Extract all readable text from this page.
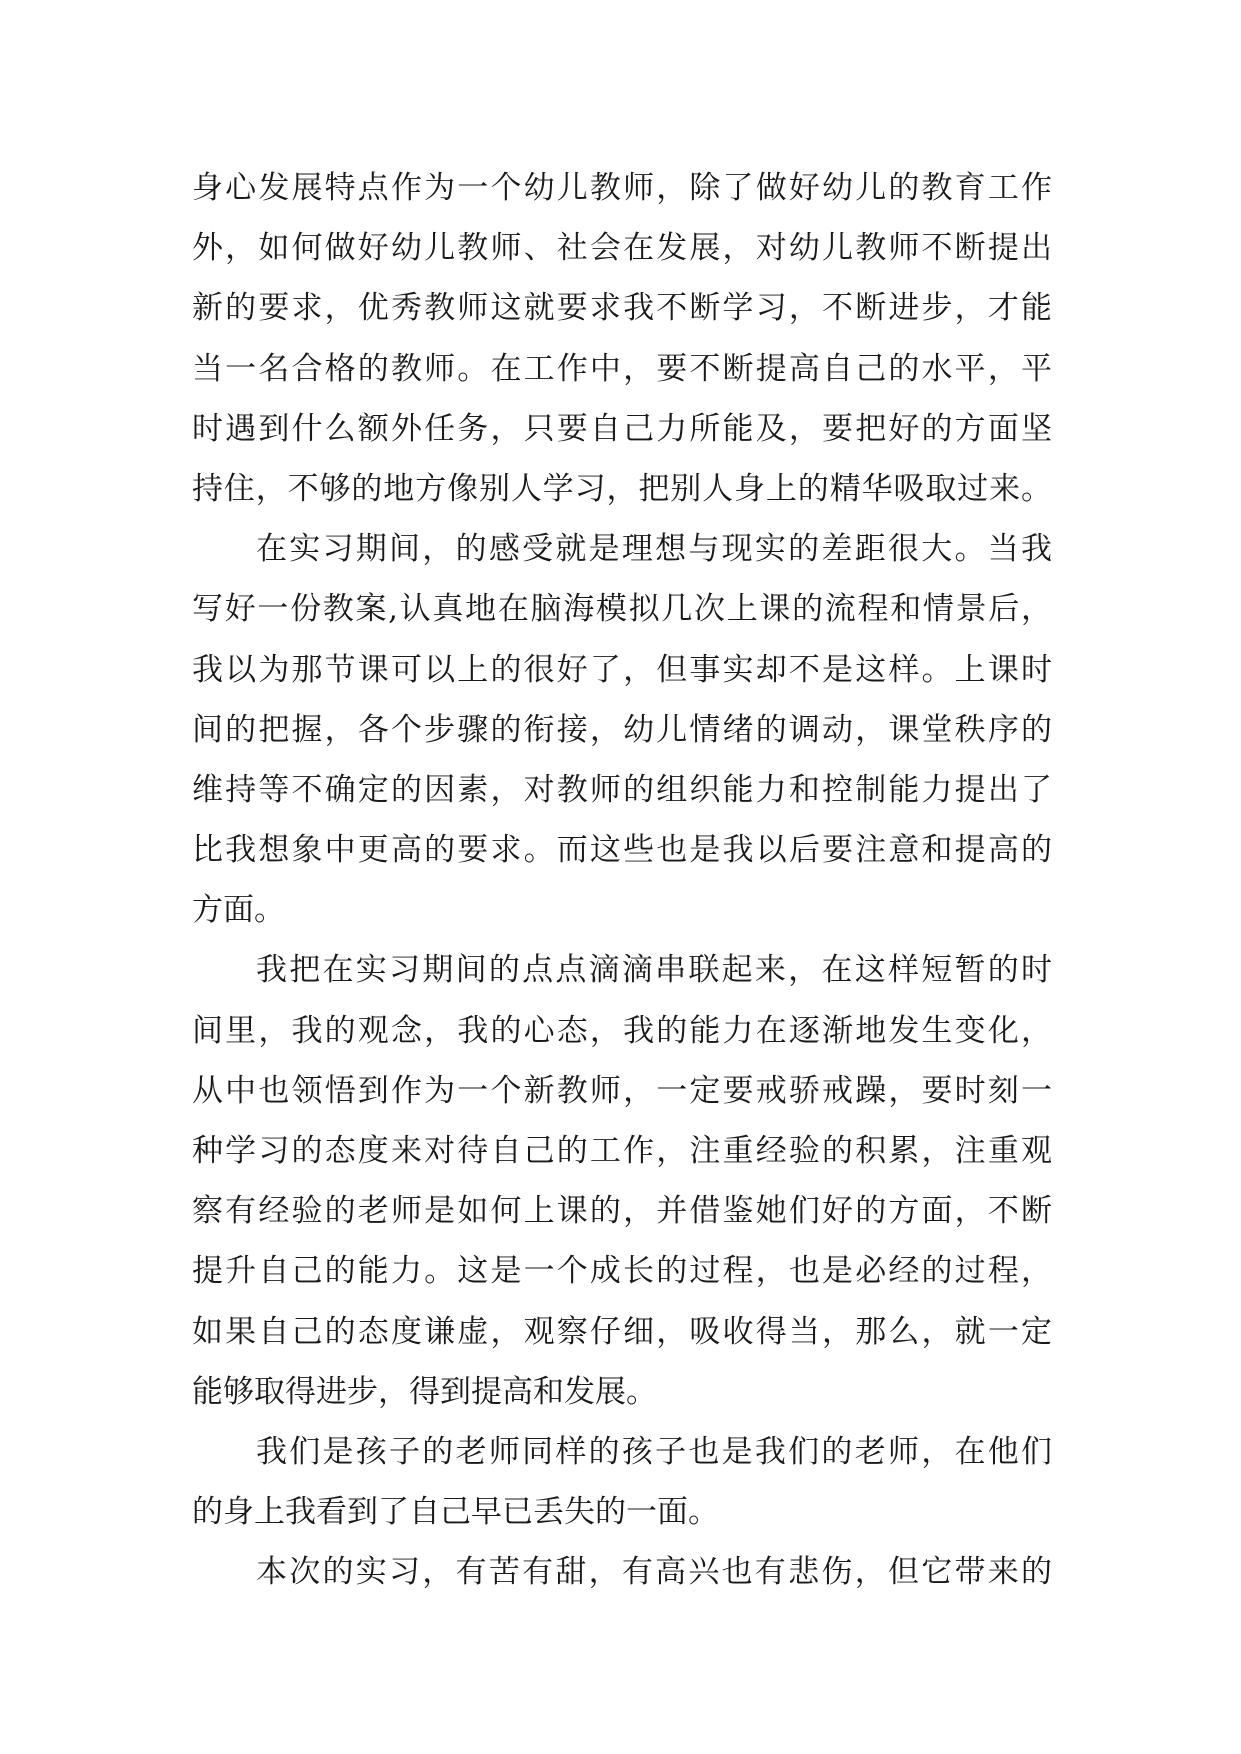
身心发展特点作为一个幼儿教师，除了做好幼儿的教育工作
外，如何做好幼儿教师、社会在发展，对幼儿教师不断提出
新的要求，优秀教师这就要求我不断学习，不断进步，才能
当一名合格的教师。在工作中，要不断提高自己的水平，平
时遇到什么额外任务，只要自己力所能及，要把好的方面坚
持住，不够的地方像别人学习，把别人身上的精华吸取过来。
在实习期间，的感受就是理想与现实的差距很大。当我
写好一份教案,认真地在脑海模拟几次上课的流程和情景后，
我以为那节课可以上的很好了，但事实却不是这样。上课时
间的把握，各个步骤的衔接，幼儿情绪的调动，课堂秩序的
维持等不确定的因素，对教师的组织能力和控制能力提出了
比我想象中更高的要求。而这些也是我以后要注意和提高的
方面。
我把在实习期间的点点滴滴串联起来，在这样短暂的时
间里，我的观念，我的心态，我的能力在逐渐地发生变化，
从中也领悟到作为一个新教师，一定要戒骄戒躁，要时刻一
种学习的态度来对待自己的工作，注重经验的积累，注重观
察有经验的老师是如何上课的，并借鉴她们好的方面，不断
提升自己的能力。这是一个成长的过程，也是必经的过程，
如果自己的态度谦虚，观察仔细，吸收得当，那么，就一定
能够取得进步，得到提高和发展。
我们是孩子的老师同样的孩子也是我们的老师，在他们
的身上我看到了自己早已丢失的一面。
本次的实习，有苦有甜，有高兴也有悲伤，但它带来的
